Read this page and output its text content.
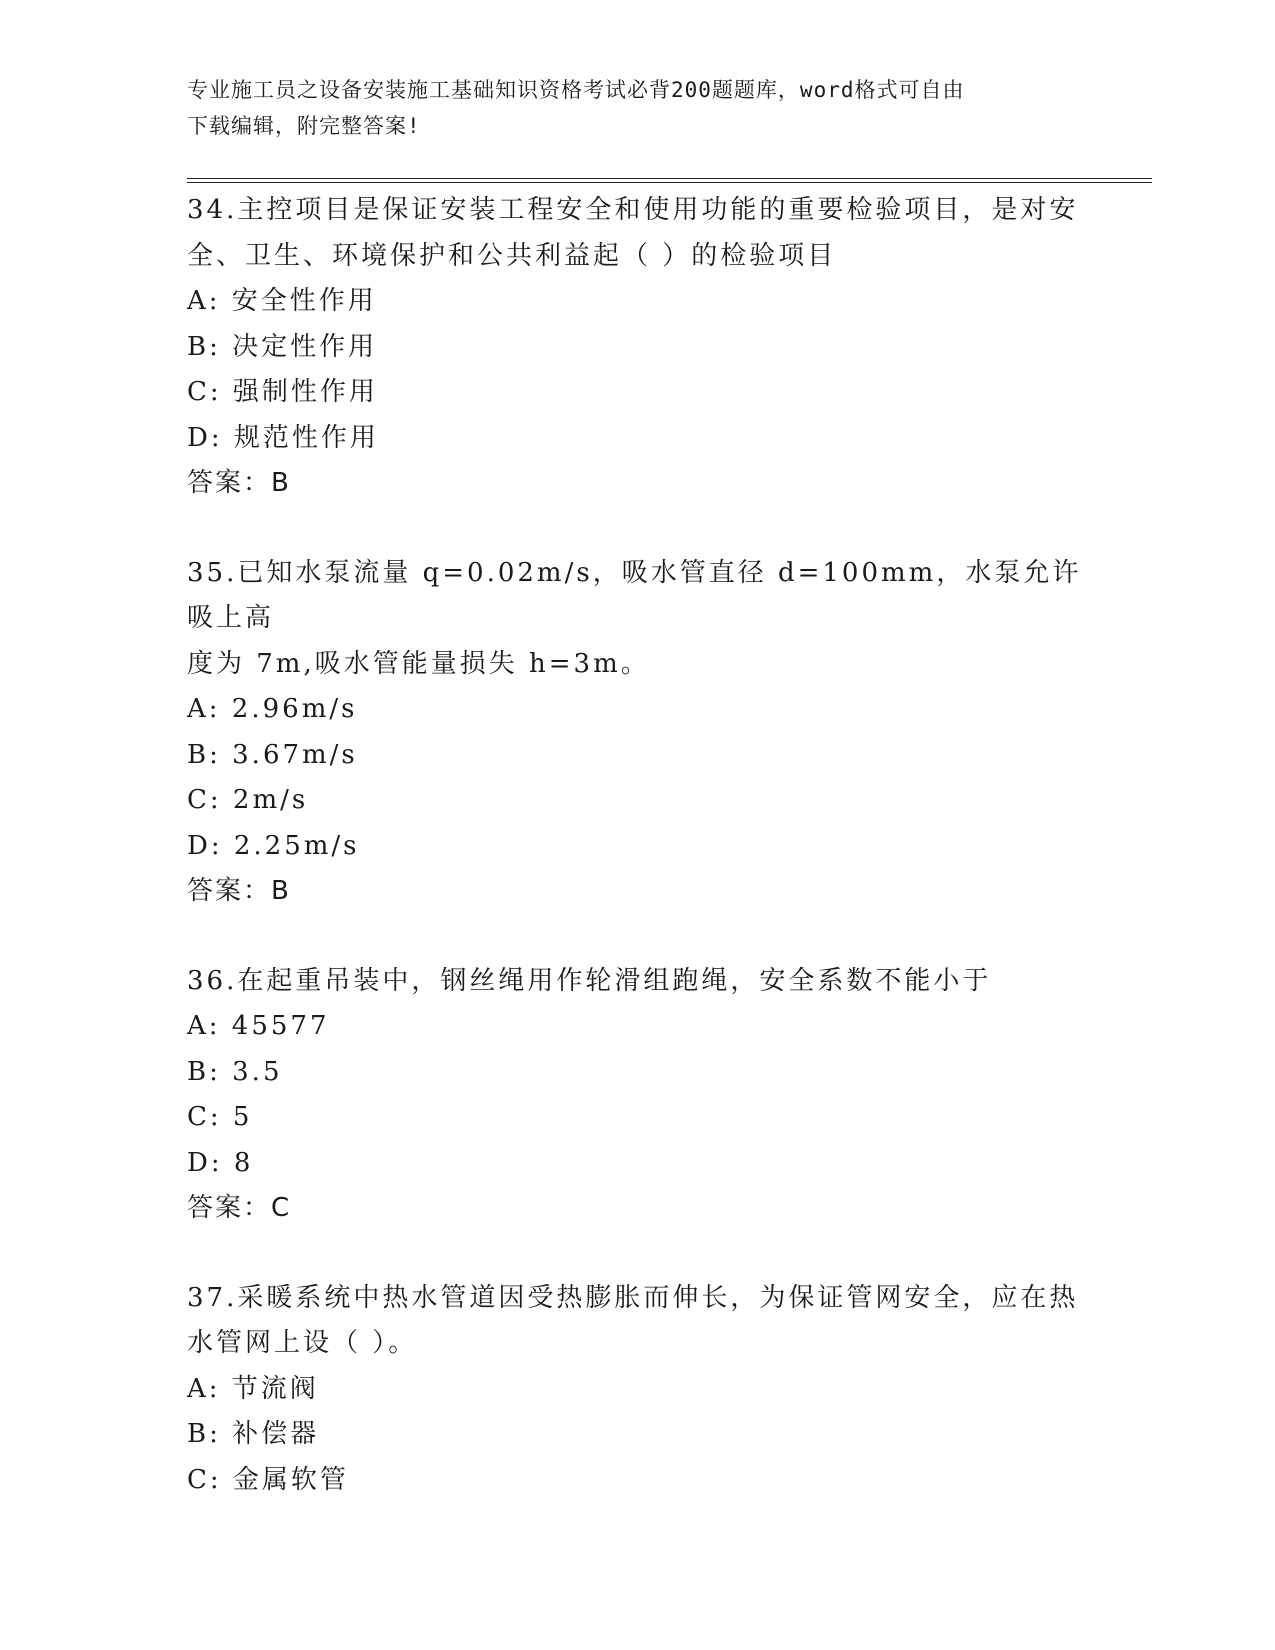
专业施工员之设备安装施工基础知识资格考试必背200题题库，word格式可自由
下载编辑，附完整答案!
34.主控项目是保证安装工程安全和使用功能的重要检验项目，是对安
全、卫生、环境保护和公共利益起（ ）的检验项目
A: 安全性作用
B: 决定性作用
C: 强制性作用
D: 规范性作用
答案：B
35.已知水泵流量 q=0.02m/s，吸水管直径 d=100mm，水泵允许吸上高
度为 7m,吸水管能量损失 h=3m。
A: 2.96m/s
B: 3.67m/s
C: 2m/s
D: 2.25m/s
答案：B
36.在起重吊装中，钢丝绳用作轮滑组跑绳，安全系数不能小于
A: 45577
B: 3.5
C: 5
D: 8
答案：C
37.采暖系统中热水管道因受热膨胀而伸长，为保证管网安全，应在热
水管网上设（ ）。
A: 节流阀
B: 补偿器
C: 金属软管
